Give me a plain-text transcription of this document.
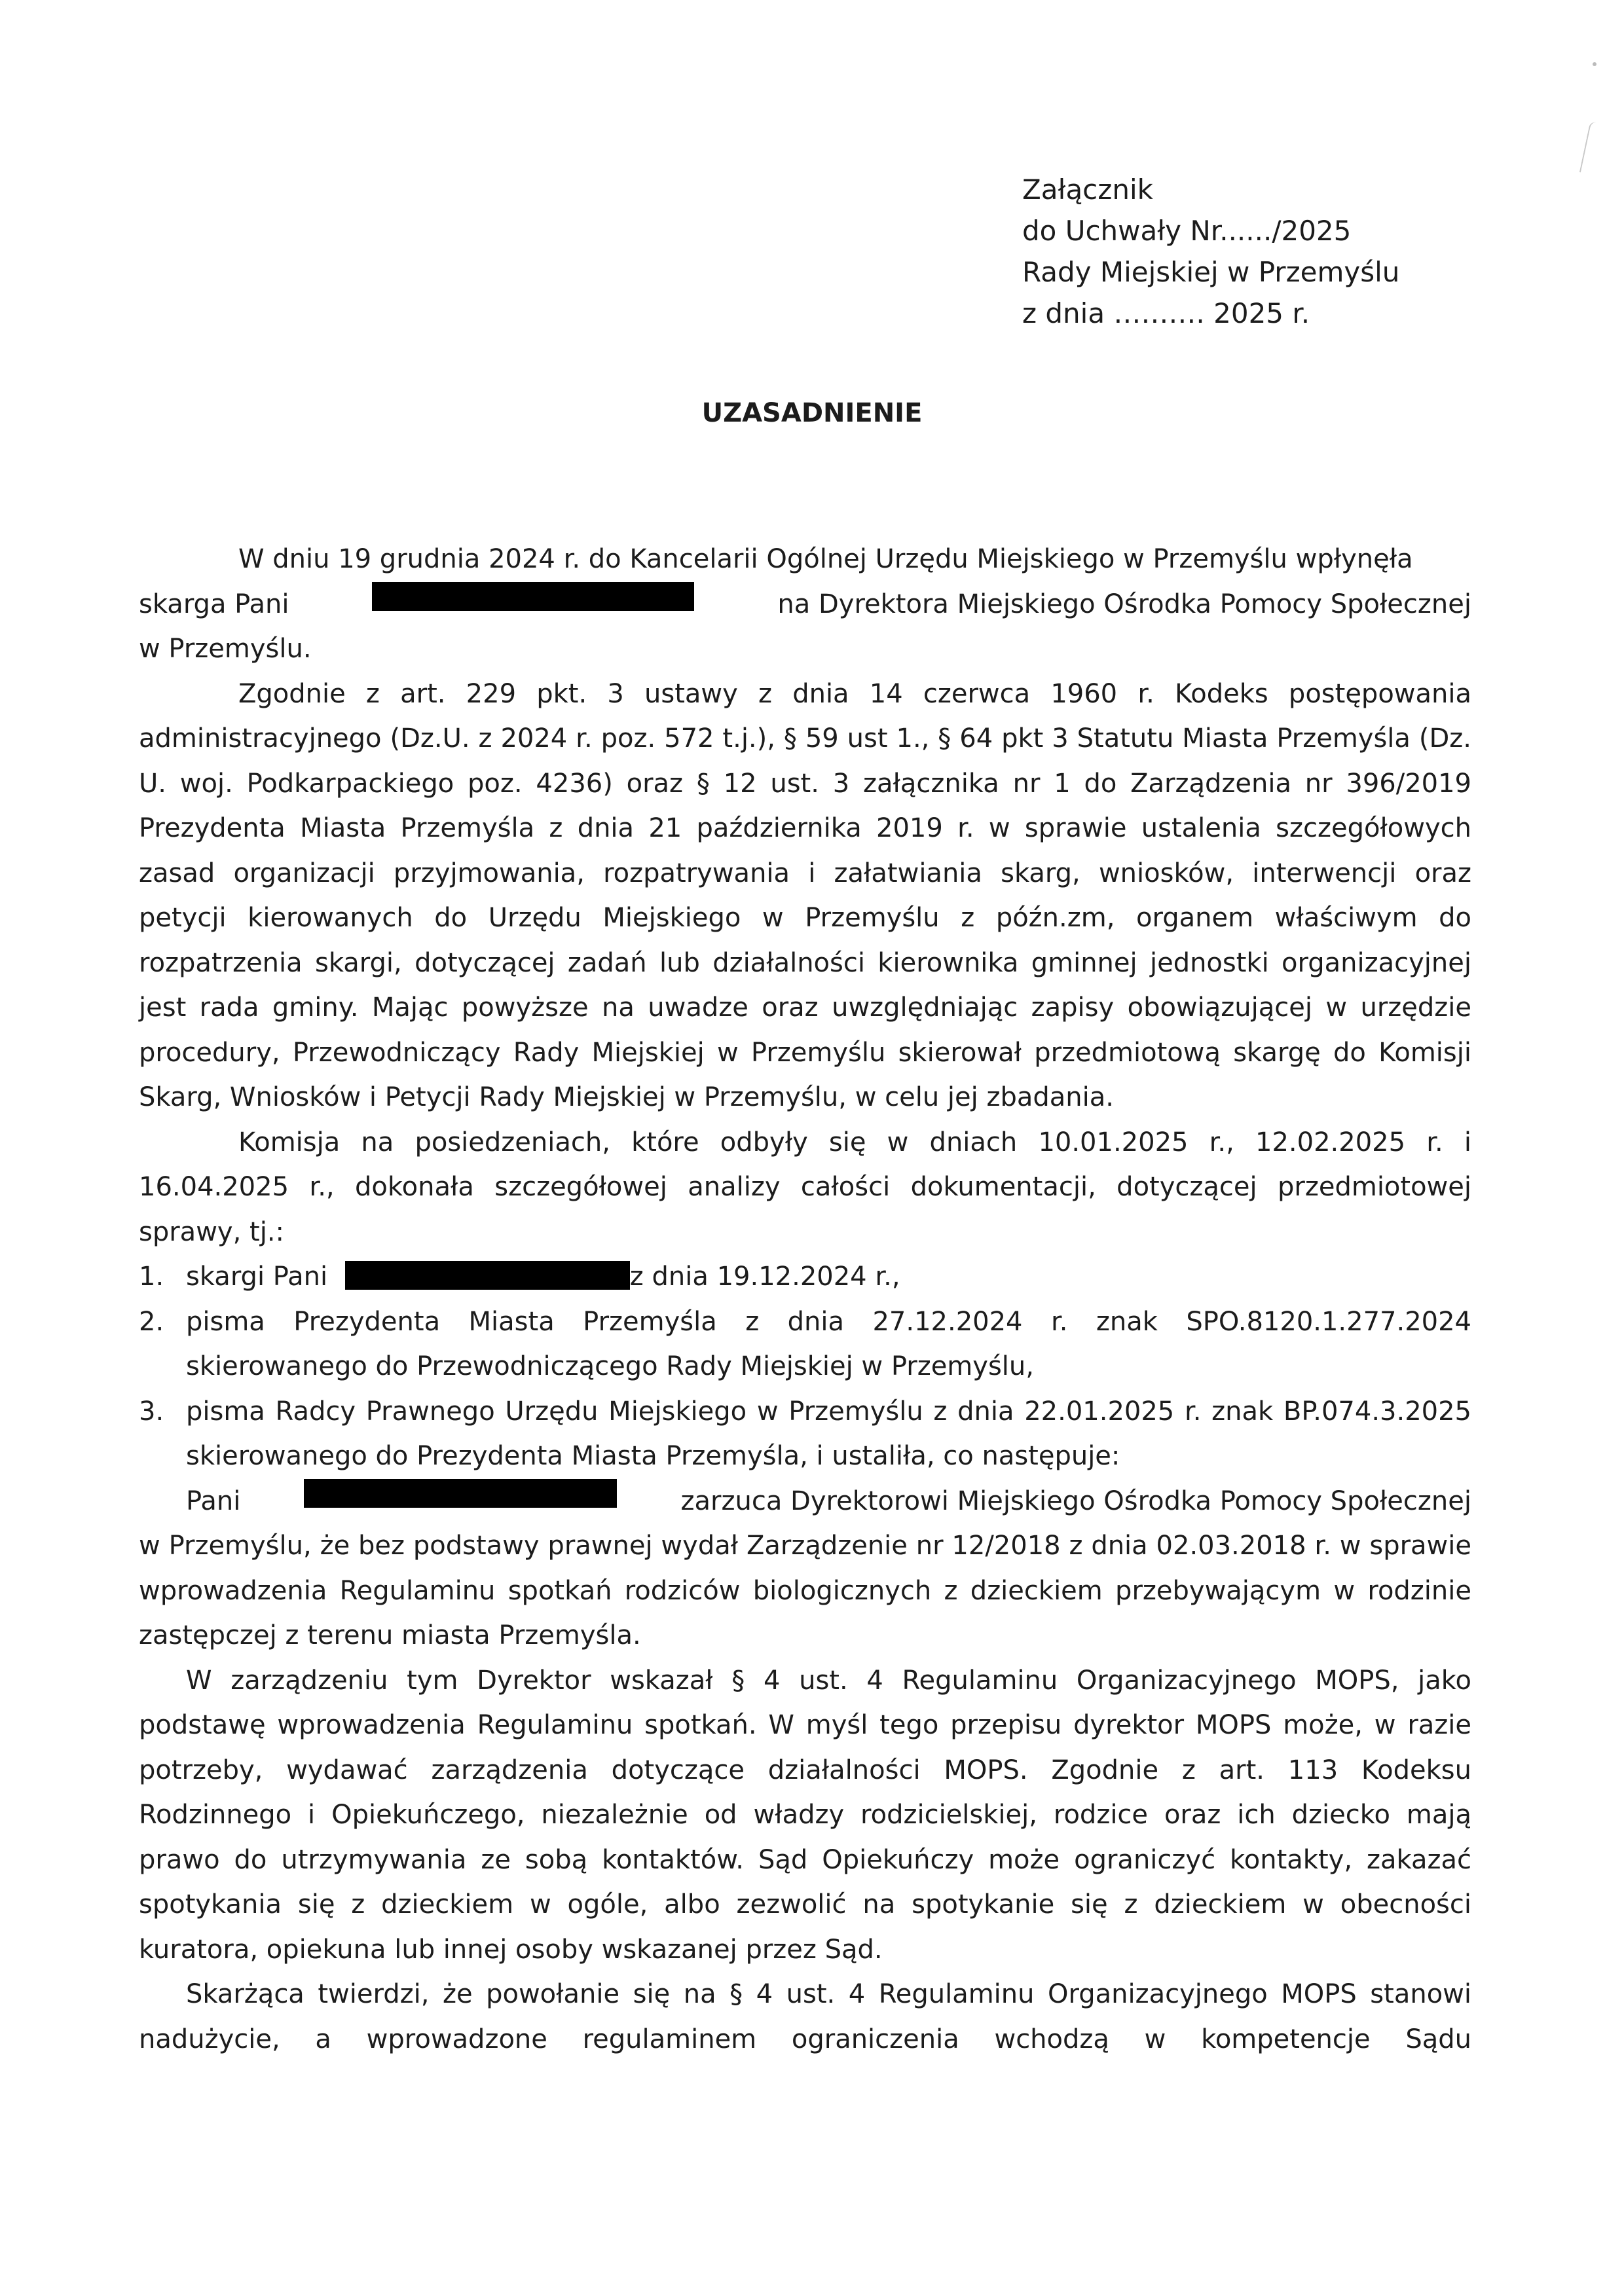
Załącznik
do Uchwały Nr....../2025
Rady Miejskiej w Przemyślu
z dnia ………. 2025 r.
UZASADNIENIE
W dniu 19 grudnia 2024 r. do Kancelarii Ogólnej Urzędu Miejskiego w Przemyślu wpłynęła
skarga Pani	na Dyrektora Miejskiego Ośrodka Pomocy Społecznej
w Przemyślu.

Zgodnie z art. 229 pkt. 3 ustawy z dnia 14 czerwca 1960 r. Kodeks postępowania administracyjnego (Dz.U. z 2024 r. poz. 572 t.j.), § 59 ust 1., § 64 pkt 3 Statutu Miasta Przemyśla (Dz. U. woj. Podkarpackiego poz. 4236) oraz § 12 ust. 3 załącznika nr 1 do Zarządzenia nr 396/2019 Prezydenta Miasta Przemyśla z dnia 21 października 2019 r. w sprawie ustalenia szczegółowych zasad organizacji przyjmowania, rozpatrywania i załatwiania skarg, wniosków, interwencji oraz petycji kierowanych do Urzędu Miejskiego w Przemyślu z późn.zm, organem właściwym do rozpatrzenia skargi, dotyczącej zadań lub działalności kierownika gminnej jednostki organizacyjnej jest rada gminy. Mając powyższe na uwadze oraz uwzględniając zapisy obowiązującej w urzędzie procedury, Przewodniczący Rady Miejskiej w Przemyślu skierował przedmiotową skargę do Komisji Skarg, Wniosków i Petycji Rady Miejskiej w Przemyślu, w celu jej zbadania.

Komisja na posiedzeniach, które odbyły się w dniach 10.01.2025 r., 12.02.2025 r. i 16.04.2025 r., dokonała szczegółowej analizy całości dokumentacji, dotyczącej przedmiotowej sprawy, tj.:

1. skargi Pani	z dnia 19.12.2024 r.,
2. pisma Prezydenta Miasta Przemyśla z dnia 27.12.2024 r. znak SPO.8120.1.277.2024 skierowanego do Przewodniczącego Rady Miejskiej w Przemyślu,
3. pisma Radcy Prawnego Urzędu Miejskiego w Przemyślu z dnia 22.01.2025 r. znak BP.074.3.2025 skierowanego do Prezydenta Miasta Przemyśla, i ustaliła, co następuje:
Pani	zarzuca Dyrektorowi Miejskiego Ośrodka Pomocy Społecznej
w Przemyślu, że bez podstawy prawnej wydał Zarządzenie nr 12/2018 z dnia 02.03.2018 r. w sprawie wprowadzenia Regulaminu spotkań rodziców biologicznych z dzieckiem przebywającym w rodzinie zastępczej z terenu miasta Przemyśla.

W zarządzeniu tym Dyrektor wskazał § 4 ust. 4 Regulaminu Organizacyjnego MOPS, jako podstawę wprowadzenia Regulaminu spotkań. W myśl tego przepisu dyrektor MOPS może, w razie potrzeby, wydawać zarządzenia dotyczące działalności MOPS. Zgodnie z art. 113 Kodeksu Rodzinnego i Opiekuńczego, niezależnie od władzy rodzicielskiej, rodzice oraz ich dziecko mają prawo do utrzymywania ze sobą kontaktów. Sąd Opiekuńczy może ograniczyć kontakty, zakazać spotykania się z dzieckiem w ogóle, albo zezwolić na spotykanie się z dzieckiem w obecności kuratora, opiekuna lub innej osoby wskazanej przez Sąd.

Skarżąca twierdzi, że powołanie się na § 4 ust. 4 Regulaminu Organizacyjnego MOPS stanowi nadużycie, a wprowadzone regulaminem ograniczenia wchodzą w kompetencje Sądu
